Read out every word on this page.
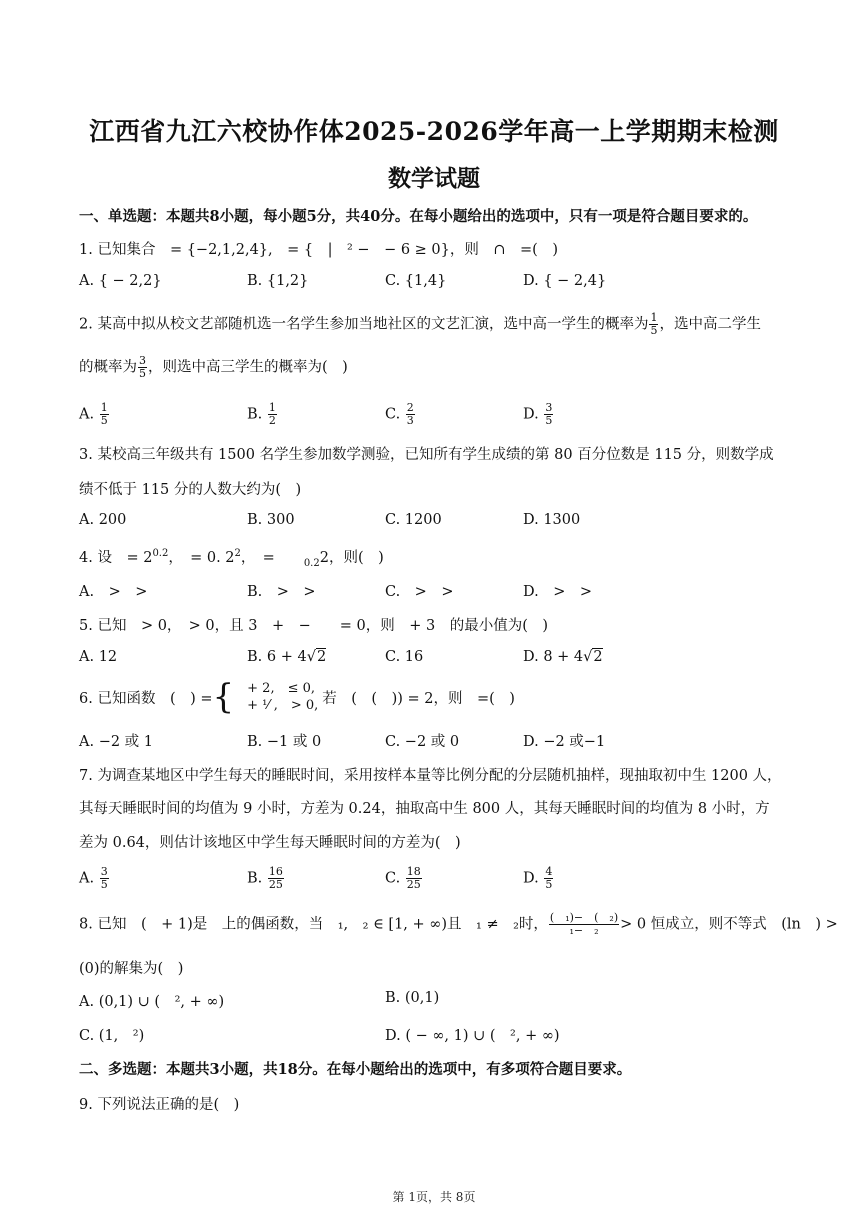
江西省九江六校协作体2025-2026学年高一上学期期末检测
数学试题
一、单选题：本题共8小题，每小题5分，共40分。在每小题给出的选项中，只有一项是符合题目要求的。
1. 已知集合　= {−2,1,2,4},　= {　|　² −　− 6 ≥ 0}，则　∩　=(　)
A. { − 2,2}	B. {1,2}	C. {1,4}	D. { − 2,4}
2. 某高中拟从校文艺部随机选一名学生参加当地社区的文艺汇演，选中高一学生的概率为 $\frac{1}{5}$ ，选中高二学生
的概率为 $\frac{3}{5}$ ，则选中高三学生的概率为(　)
A. $\frac{1}{5}$	B. $\frac{1}{2}$	C. $\frac{2}{3}$	D. $\frac{3}{5}$
3. 某校高三年级共有 1500 名学生参加数学测验，已知所有学生成绩的第 80 百分位数是 115 分，则数学成
绩不低于 115 分的人数大约为(　)
A. 200	B. 300	C. 1200	D. 1300
4. 设　= $2^{0.2}$，　= 0. $2^2$，　=　　$_{0.2}$2，则(　)
A.　>　>	B.　>　>	C.　>　>	D.　>　>
5. 已知　> 0，　> 0，且 3　+　−　　= 0，则　+ 3　的最小值为(　)
A. 12	B. 6 + 4√2	C. 16	D. 8 + 4√2
6. 已知函数　(　) = { 　+ 2,　≤ 0,
　+ ¹⁄ ,　> 0, 若　(　(　)) = 2，则　=(　)
A. −2 或 1	B. −1 或 0	C. −2 或 0	D. −2 或−1
7. 为调查某地区中学生每天的睡眠时间，采用按样本量等比例分配的分层随机抽样，现抽取初中生 1200 人，
其每天睡眠时间的均值为 9 小时，方差为 0.24，抽取高中生 800 人，其每天睡眠时间的均值为 8 小时，方
差为 0.64，则估计该地区中学生每天睡眠时间的方差为(　)
A. $\frac{3}{5}$	B. $\frac{16}{25}$	C. $\frac{18}{25}$	D. $\frac{4}{5}$
8. 已知　(　+ 1)是　上的偶函数，当　₁,　₂ ∈ [1, + ∞)且　₁ ≠　₂时， $\frac{\text{(　₁)−　(　₂)}}{\text{₁−　₂}} > 0$ 恒成立，则不等式　(ln　) >
(0)的解集为(　)
A. (0,1) ∪ (　², + ∞)	B. (0,1)
C. (1,　²)	D. ( − ∞, 1) ∪ (　², + ∞)
二、多选题：本题共3小题，共18分。在每小题给出的选项中，有多项符合题目要求。
9. 下列说法正确的是(　)
第 1页，共 8页
